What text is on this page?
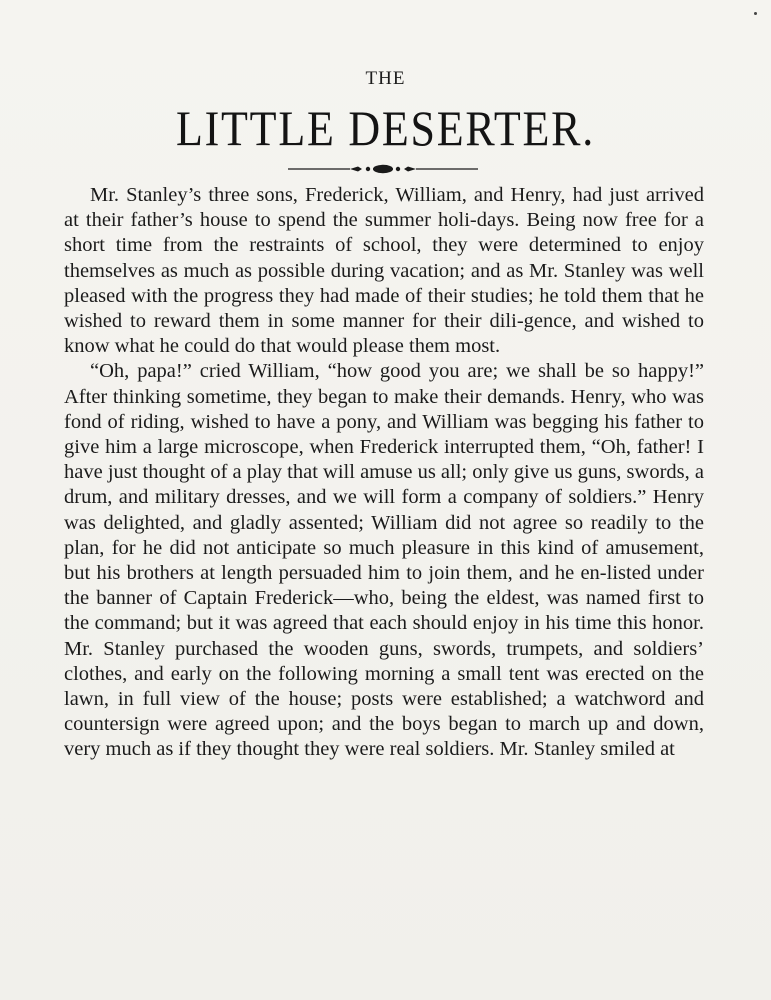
THE
LITTLE DESERTER.

Mr. Stanley’s three sons, Frederick, William, and Henry, had just arrived at their father’s house to spend the summer holi-days. Being now free for a short time from the restraints of school, they were determined to enjoy themselves as much as possible during vacation; and as Mr. Stanley was well pleased with the progress they had made of their studies; he told them that he wished to reward them in some manner for their dili-gence, and wished to know what he could do that would please them most.

“Oh, papa!” cried William, “how good you are; we shall be so happy!” After thinking sometime, they began to make their demands. Henry, who was fond of riding, wished to have a pony, and William was begging his father to give him a large microscope, when Frederick interrupted them, “Oh, father! I have just thought of a play that will amuse us all; only give us guns, swords, a drum, and military dresses, and we will form a company of soldiers.” Henry was delighted, and gladly assented; William did not agree so readily to the plan, for he did not anticipate so much pleasure in this kind of amusement, but his brothers at length persuaded him to join them, and he en-listed under the banner of Captain Frederick—who, being the eldest, was named first to the command; but it was agreed that each should enjoy in his time this honor. Mr. Stanley purchased the wooden guns, swords, trumpets, and soldiers’ clothes, and early on the following morning a small tent was erected on the lawn, in full view of the house; posts were established; a watchword and countersign were agreed upon; and the boys began to march up and down, very much as if they thought they were real soldiers. Mr. Stanley smiled at
